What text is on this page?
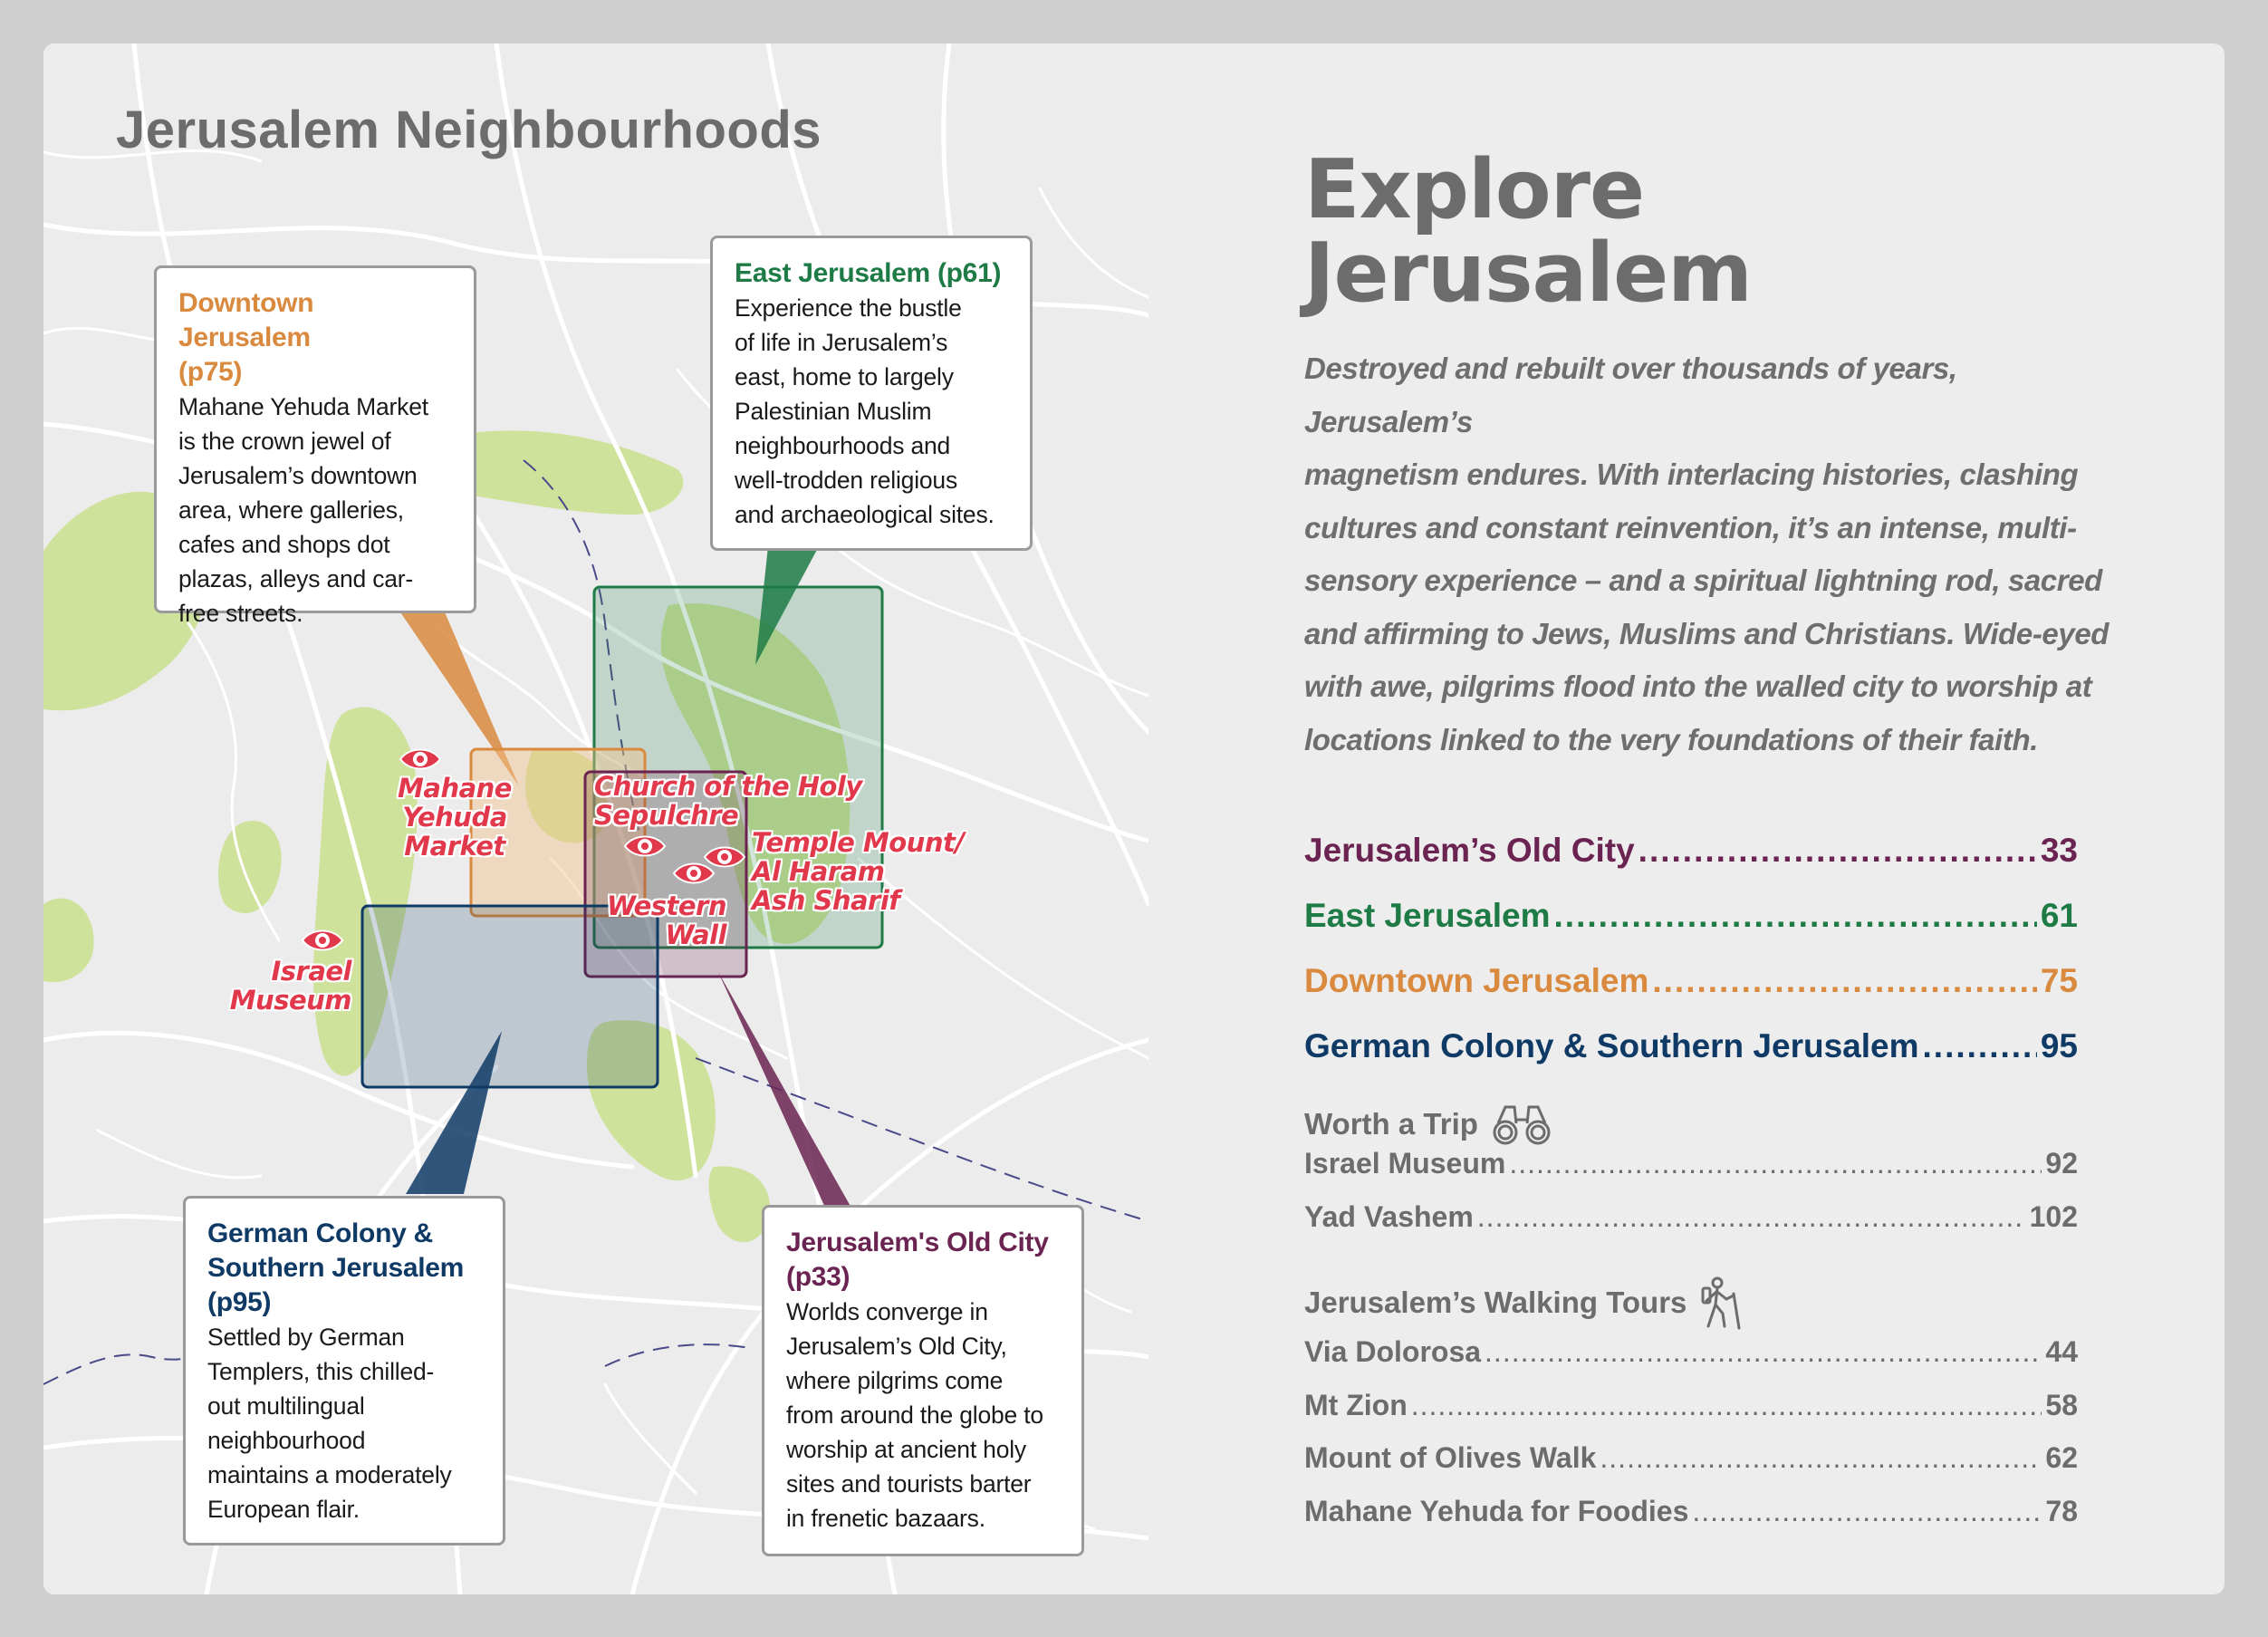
Jerusalem Neighbourhoods
Downtown Jerusalem
(p75)

Mahane Yehuda Market

is the crown jewel of

Jerusalem’s downtown

area, where galleries,

cafes and shops dot

plazas, alleys and car-

free streets.

East Jerusalem (p61)

Experience the bustle

of life in Jerusalem’s

east, home to largely

Palestinian Muslim

neighbourhoods and

well-trodden religious

and archaeological sites.

German Colony &
Southern Jerusalem
(p95)

Settled by German

Templers, this chilled-

out multilingual

neighbourhood

maintains a moderately

European flair.

Jerusalem's Old City
(p33)

Worlds converge in

Jerusalem’s Old City,

where pilgrims come

from around the globe to

worship at ancient holy

sites and tourists barter

in frenetic bazaars.

Mahane
Yehuda
Market
Church of the Holy
Sepulchre
Temple Mount/
Al Haram
Ash Sharif
Western
Wall
Israel
Museum
Explore
Jerusalem
Destroyed and rebuilt over thousands of years, Jerusalem’s
magnetism endures. With interlacing histories, clashing
cultures and constant reinvention, it’s an intense, multi-
sensory experience – and a spiritual lightning rod, sacred
and affirming to Jews, Muslims and Christians. Wide-eyed
with awe, pilgrims flood into the walled city to worship at
locations linked to the very foundations of their faith.
Jerusalem’s Old City .....	33
East Jerusalem .....	61
Downtown Jerusalem .....	75
German Colony & Southern Jerusalem .....	95
Worth a Trip
Israel Museum .....	92
Yad Vashem .....	102
Jerusalem’s Walking Tours
Via Dolorosa .....	44
Mt Zion .....	58
Mount of Olives Walk .....	62
Mahane Yehuda for Foodies .....	78
